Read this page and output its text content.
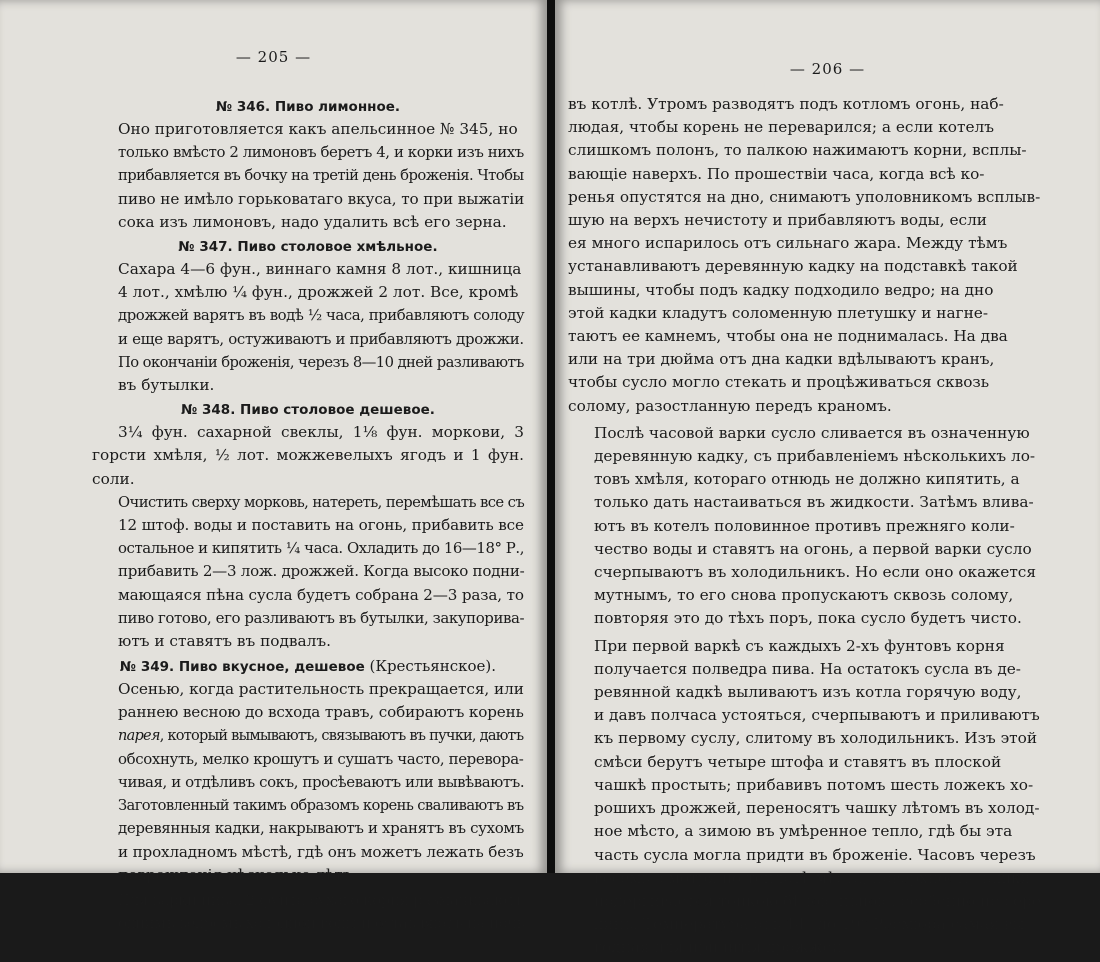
— 205 —

№ 346. Пиво лимонное.

Оно приготовляется какъ апельсинное № 345, но
только вмѣсто 2 лимоновъ беретъ 4, и корки изъ нихъ
прибавляется въ бочку на третій день броженія. Чтобы
пиво не имѣло горьковатаго вкуса, то при выжатіи
сока изъ лимоновъ, надо удалить всѣ его зерна.

№ 347. Пиво столовое хмѣльное.

Сахара 4—6 фун., виннаго камня 8 лот., кишница
4 лот., хмѣлю ¼ фун., дрожжей 2 лот. Все, кромѣ
дрожжей варятъ въ водѣ ½ часа, прибавляютъ солоду
и еще варятъ, остуживаютъ и прибавляютъ дрожжи.
По окончаніи броженія, черезъ 8—10 дней разливаютъ
въ бутылки.

№ 348. Пиво столовое дешевое.

3¼ фун. сахарной свеклы, 1⅛ фун. моркови, 3 горсти хмѣля, ½ лот. можжевелыхъ ягодъ и 1 фун. соли.
Очистить сверху морковь, натереть, перемѣшать все съ
12 штоф. воды и поставить на огонь, прибавить все
остальное и кипятить ¼ часа. Охладить до 16—18° Р.,
прибавить 2—3 лож. дрожжей. Когда высоко подни-
мающаяся пѣна сусла будетъ собрана 2—3 раза, то
пиво готово, его разливаютъ въ бутылки, закупорива-
ютъ и ставятъ въ подвалъ.

№ 349. Пиво вкусное, дешевое (Крестьянское).

Осенью, когда растительность прекращается, или
раннею весною до всхода травъ, собираютъ корень
парея, который вымываютъ, связываютъ въ пучки, даютъ
обсохнуть, мелко крошутъ и сушатъ часто, перевора-
чивая, и отдѣливъ сокъ, просѣеваютъ или вывѣваютъ.
Заготовленный такимъ образомъ корень сваливаютъ въ
деревянныя кадки, накрываютъ и хранятъ въ сухомъ
и прохладномъ мѣстѣ, гдѣ онъ можетъ лежать безъ
поврежденія нѣсколько лѣтъ.

Для варки пива, 2 фунта сухаго корня размачиваютъ
однимъ ведромъ холодной воды и оставляютъ на ночь

— 206 —

въ котлѣ. Утромъ разводятъ подъ котломъ огонь, наб-
людая, чтобы корень не переварился; а если котелъ
слишкомъ полонъ, то палкою нажимаютъ корни, всплы-
вающіе наверхъ. По прошествіи часа, когда всѣ ко-
ренья опустятся на дно, снимаютъ уполовникомъ всплыв-
шую на верхъ нечистоту и прибавляютъ воды, если
ея много испарилось отъ сильнаго жара. Между тѣмъ
устанавливаютъ деревянную кадку на подставкѣ такой
вышины, чтобы подъ кадку подходило ведро; на дно
этой кадки кладутъ соломенную плетушку и нагне-
таютъ ее камнемъ, чтобы она не поднималась. На два
или на три дюйма отъ дна кадки вдѣлываютъ кранъ,
чтобы сусло могло стекать и процѣживаться сквозь
солому, разостланную передъ краномъ.

Послѣ часовой варки сусло сливается въ означенную
деревянную кадку, съ прибавленіемъ нѣсколькихъ ло-
товъ хмѣля, котораго отнюдь не должно кипятить, а
только дать настаиваться въ жидкости. Затѣмъ влива-
ютъ въ котелъ половинное противъ прежняго коли-
чество воды и ставятъ на огонь, а первой варки сусло
счерпываютъ въ холодильникъ. Но если оно окажется
мутнымъ, то его снова пропускаютъ сквозь солому,
повторяя это до тѣхъ поръ, пока сусло будетъ чисто.

При первой варкѣ съ каждыхъ 2-хъ фунтовъ корня
получается полведра пива. На остатокъ сусла въ де-
ревянной кадкѣ выливаютъ изъ котла горячую воду,
и давъ полчаса устояться, счерпываютъ и приливаютъ
къ первому суслу, слитому въ холодильникъ. Изъ этой
смѣси берутъ четыре штофа и ставятъ въ плоской
чашкѣ простыть; прибавивъ потомъ шесть ложекъ хо-
рошихъ дрожжей, переносятъ чашку лѣтомъ въ холод-
ное мѣсто, а зимою въ умѣренное тепло, гдѣ бы эта
часть сусла могла придти въ броженіе. Часовъ черезъ
восемь, смотря по теплотѣ мѣста, поверхность чашки
подергивается тонкою бѣлою пѣною, особенно по сере-
динѣ. Температура отъ 14° до 19° Реомюра самая вы-
годная для прилитія дрожжей.
